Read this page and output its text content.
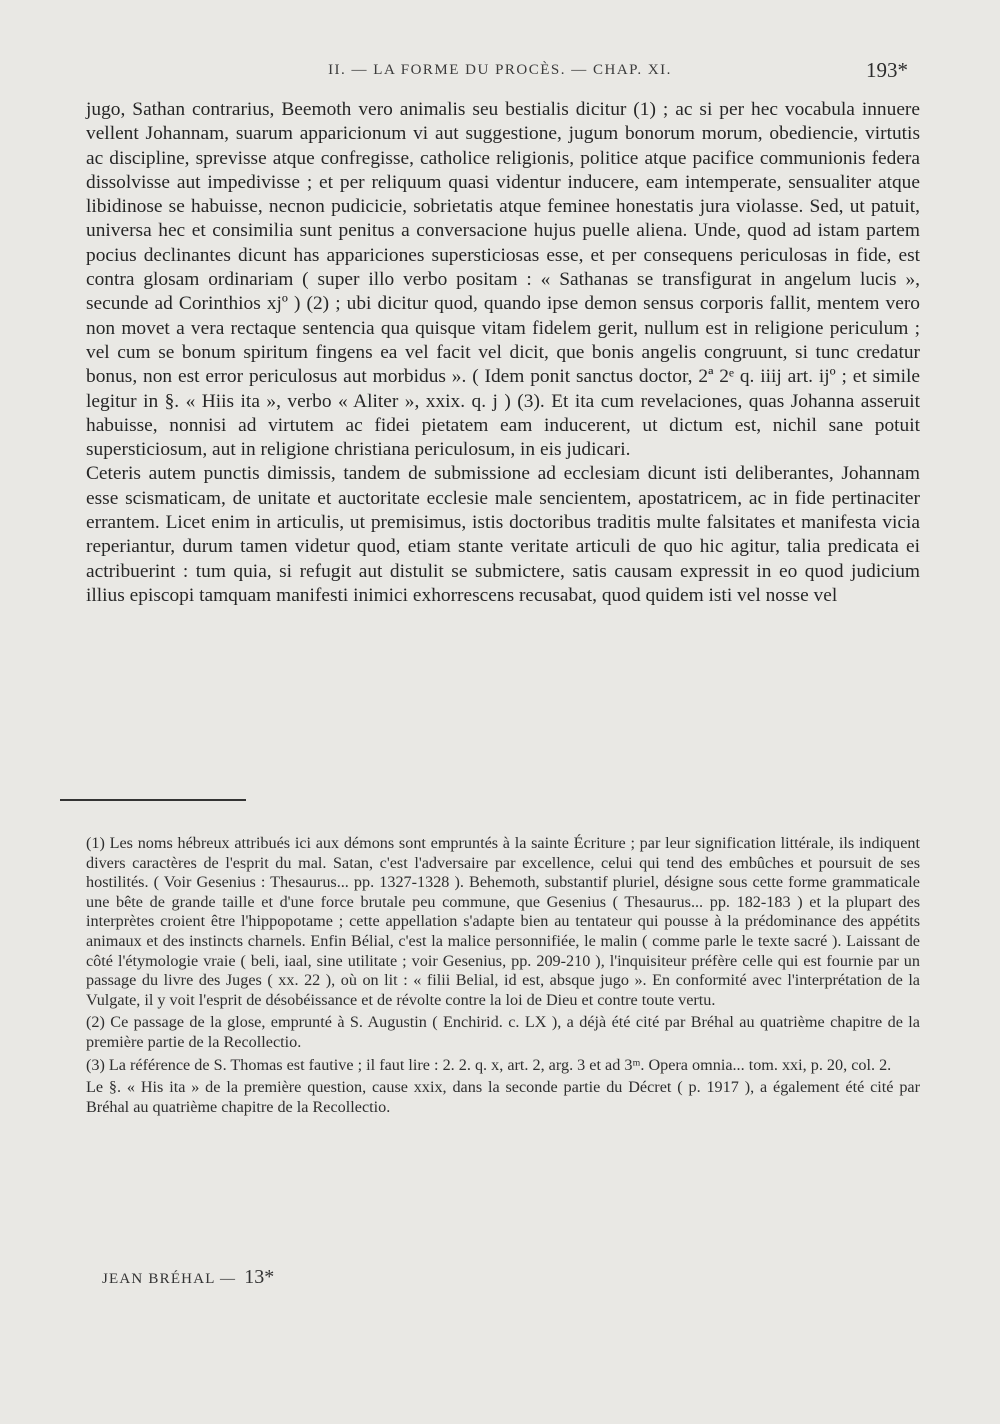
II. — LA FORME DU PROCÈS. — CHAP. XI.	193*

jugo, Sathan contrarius, Beemoth vero animalis seu bestialis dicitur (1) ; ac si per hec vocabula innuere vellent Johannam, suarum apparicionum vi aut suggestione, jugum bonorum morum, obediencie, virtutis ac discipline, sprevisse atque confregisse, catholice religionis, politice atque pacifice communionis federa dissolvisse aut impedivisse ; et per reliquum quasi videntur inducere, eam intemperate, sensualiter atque libidinose se habuisse, necnon pudicicie, sobrietatis atque feminee honestatis jura violasse. Sed, ut patuit, universa hec et consimilia sunt penitus a conversacione hujus puelle aliena. Unde, quod ad istam partem pocius declinantes dicunt has appariciones supersticiosas esse, et per consequens periculosas in fide, est contra glosam ordinariam ( super illo verbo positam : « Sathanas se transfigurat in angelum lucis », secunde ad Corinthios xjº ) (2) ; ubi dicitur quod, quando ipse demon sensus corporis fallit, mentem vero non movet a vera rectaque sentencia qua quisque vitam fidelem gerit, nullum est in religione periculum ; vel cum se bonum spiritum fingens ea vel facit vel dicit, que bonis angelis congruunt, si tunc credatur bonus, non est error periculosus aut morbidus ». ( Idem ponit sanctus doctor, 2ª 2ᵉ q. iiij art. ijº ; et simile legitur in §. « Hiis ita », verbo « Aliter », xxix. q. j ) (3). Et ita cum revelaciones, quas Johanna asseruit habuisse, nonnisi ad virtutem ac fidei pietatem eam inducerent, ut dictum est, nichil sane potuit supersticiosum, aut in religione christiana periculosum, in eis judicari.

Ceteris autem punctis dimissis, tandem de submissione ad ecclesiam dicunt isti deliberantes, Johannam esse scismaticam, de unitate et auctoritate ecclesie male sencientem, apostatricem, ac in fide pertinaciter errantem. Licet enim in articulis, ut premisimus, istis doctoribus traditis multe falsitates et manifesta vicia reperiantur, durum tamen videtur quod, etiam stante veritate articuli de quo hic agitur, talia predicata ei actribuerint : tum quia, si refugit aut distulit se submictere, satis causam expressit in eo quod judicium illius episcopi tamquam manifesti inimici exhorrescens recusabat, quod quidem isti vel nosse vel

(1) Les noms hébreux attribués ici aux démons sont empruntés à la sainte Écriture ; par leur signification littérale, ils indiquent divers caractères de l'esprit du mal. Satan, c'est l'adversaire par excellence, celui qui tend des embûches et poursuit de ses hostilités. ( Voir Gesenius : Thesaurus... pp. 1327-1328 ). Behemoth, substantif pluriel, désigne sous cette forme grammaticale une bête de grande taille et d'une force brutale peu commune, que Gesenius ( Thesaurus... pp. 182-183 ) et la plupart des interprètes croient être l'hippopotame ; cette appellation s'adapte bien au tentateur qui pousse à la prédominance des appétits animaux et des instincts charnels. Enfin Bélial, c'est la malice personnifiée, le malin ( comme parle le texte sacré ). Laissant de côté l'étymologie vraie ( beli, iaal, sine utilitate ; voir Gesenius, pp. 209-210 ), l'inquisiteur préfère celle qui est fournie par un passage du livre des Juges ( xx. 22 ), où on lit : « filii Belial, id est, absque jugo ». En conformité avec l'interprétation de la Vulgate, il y voit l'esprit de désobéissance et de révolte contre la loi de Dieu et contre toute vertu.

(2) Ce passage de la glose, emprunté à S. Augustin ( Enchirid. c. LX ), a déjà été cité par Bréhal au quatrième chapitre de la première partie de la Recollectio.

(3) La référence de S. Thomas est fautive ; il faut lire : 2. 2. q. x, art. 2, arg. 3 et ad 3ᵐ. Opera omnia... tom. xxi, p. 20, col. 2.

Le §. « His ita » de la première question, cause xxix, dans la seconde partie du Décret ( p. 1917 ), a également été cité par Bréhal au quatrième chapitre de la Recollectio.

JEAN BRÉHAL — 13*
